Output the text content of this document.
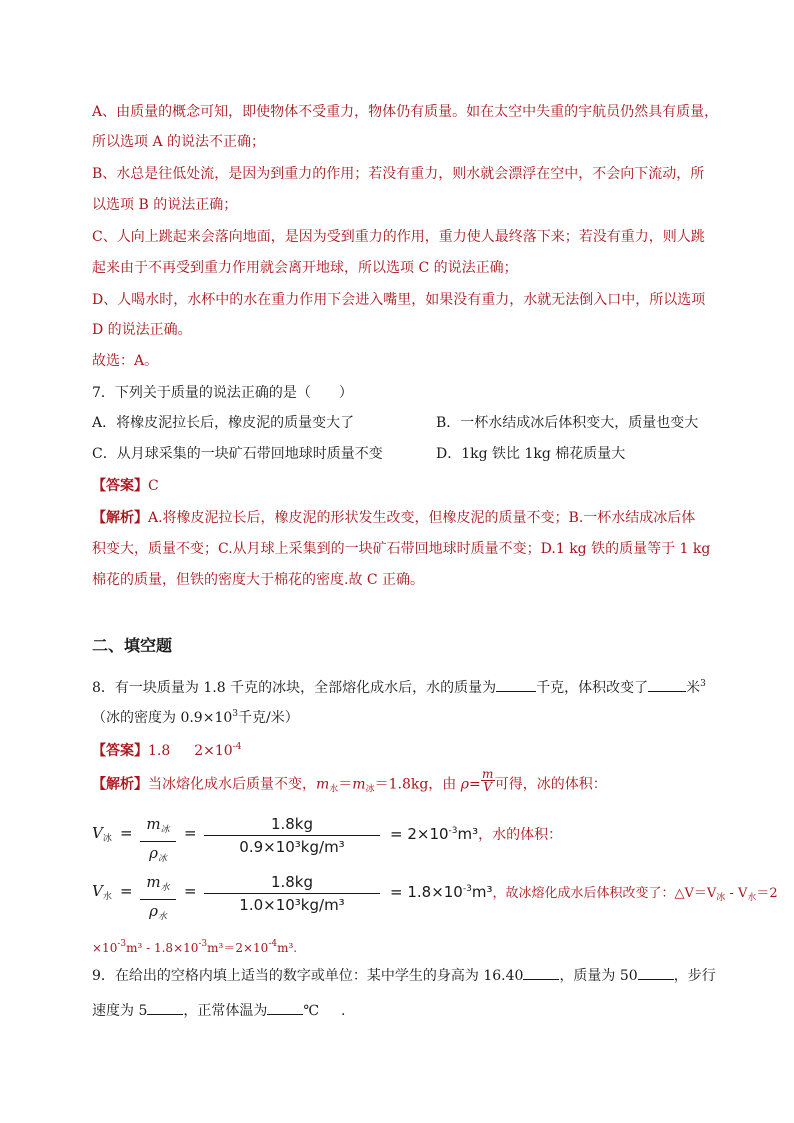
A、由质量的概念可知，即使物体不受重力，物体仍有质量。如在太空中失重的宇航员仍然具有质量，
所以选项 A 的说法不正确；
B、水总是往低处流，是因为到重力的作用；若没有重力，则水就会漂浮在空中，不会向下流动，所
以选项 B 的说法正确；
C、人向上跳起来会落向地面，是因为受到重力的作用，重力使人最终落下来；若没有重力，则人跳
起来由于不再受到重力作用就会离开地球，所以选项 C 的说法正确；
D、人喝水时，水杯中的水在重力作用下会进入嘴里，如果没有重力，水就无法倒入口中，所以选项
D 的说法正确。
故选：A。
7．下列关于质量的说法正确的是（　　）
A．将橡皮泥拉长后，橡皮泥的质量变大了	B．一杯水结成冰后体积变大，质量也变大
C．从月球采集的一块矿石带回地球时质量不变	D．1kg 铁比 1kg 棉花质量大
【答案】C
【解析】A.将橡皮泥拉长后，橡皮泥的形状发生改变，但橡皮泥的质量不变；B.一杯水结成冰后体
积变大，质量不变；C.从月球上采集到的一块矿石带回地球时质量不变；D.1 kg 铁的质量等于 1 kg
棉花的质量，但铁的密度大于棉花的密度.故 C 正确。
二、填空题
8．有一块质量为 1.8 千克的冰块，全部熔化成水后，水的质量为	千克，体积改变了	米$^3$
（冰的密度为 $0.9\times 10^3$千克/米）
【答案】1.8 $2\times 10^{-4}$
【解析】当冰熔化成水后质量不变，$m_水=m_冰=1.8kg$，由 $\rho= \frac{m}{V}$ 可得，冰的体积：
$V_冰 = m_冰$
$\rho_冰$
=	1.8kg
0.9×10³kg/m³
= $2\times 10^{-3}m^3$，水的体积：
$V_水 = m_水$
$\rho_水$
=	1.8kg
1.0×10³kg/m³
= $1.8\times 10^{-3}m^3$，故冰熔化成水后体积改变了：$\triangle V=V_冰 - V_水=2$
$\times 10^{-3}m^3 - 1.8\times 10^{-3}m^3=2\times 10^{-4}m^3$.
9．在给出的空格内填上适当的数字或单位：某中学生的身高为 16.40	，质量为 50	，步行
速度为 5	，正常体温为	℃ .
